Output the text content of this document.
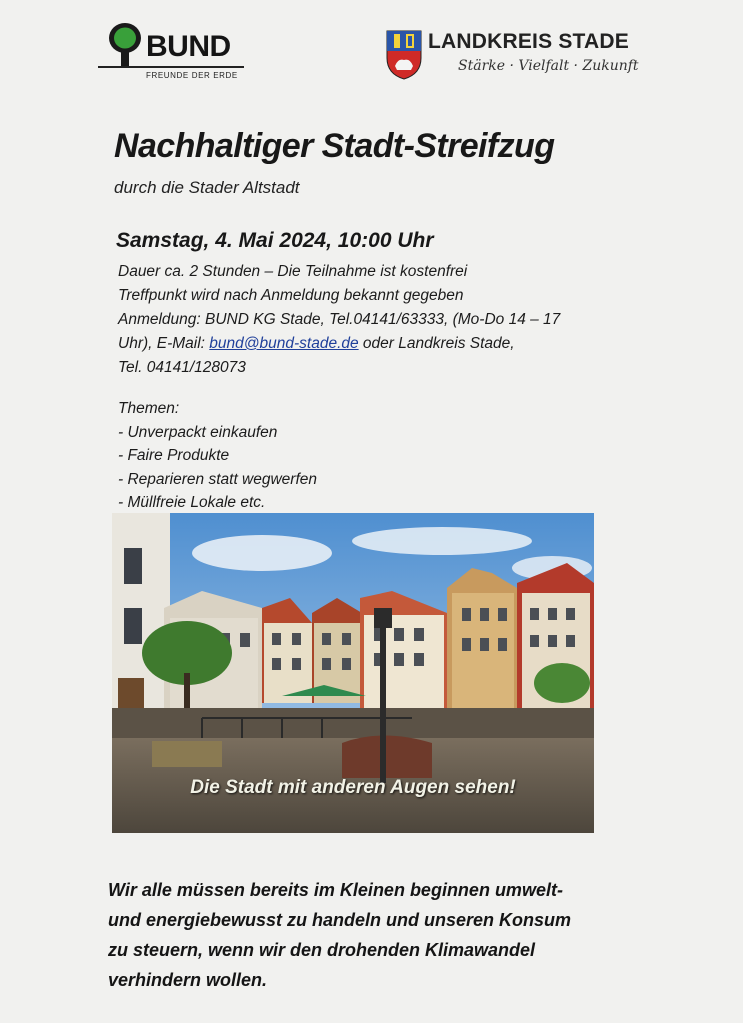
BUND
FREUNDE DER ERDE
LANDKREIS STADE
Stärke · Vielfalt · Zukunft
Nachhaltiger Stadt-Streifzug
durch die Stader Altstadt
Samstag, 4. Mai 2024, 10:00 Uhr
Dauer ca. 2 Stunden – Die Teilnahme ist kostenfrei
Treffpunkt wird nach Anmeldung bekannt gegeben
Anmeldung: BUND KG Stade, Tel.04141/63333, (Mo-Do 14 – 17
Uhr), E-Mail: bund@bund-stade.de oder Landkreis Stade,
Tel. 04141/128073
Themen:
- Unverpackt einkaufen
- Faire Produkte
- Reparieren statt wegwerfen
- Müllfreie Lokale etc.
Die Stadt mit anderen Augen sehen!
Wir alle müssen bereits im Kleinen beginnen umwelt-
und energiebewusst zu handeln und unseren Konsum
zu steuern, wenn wir den drohenden Klimawandel
verhindern wollen.
